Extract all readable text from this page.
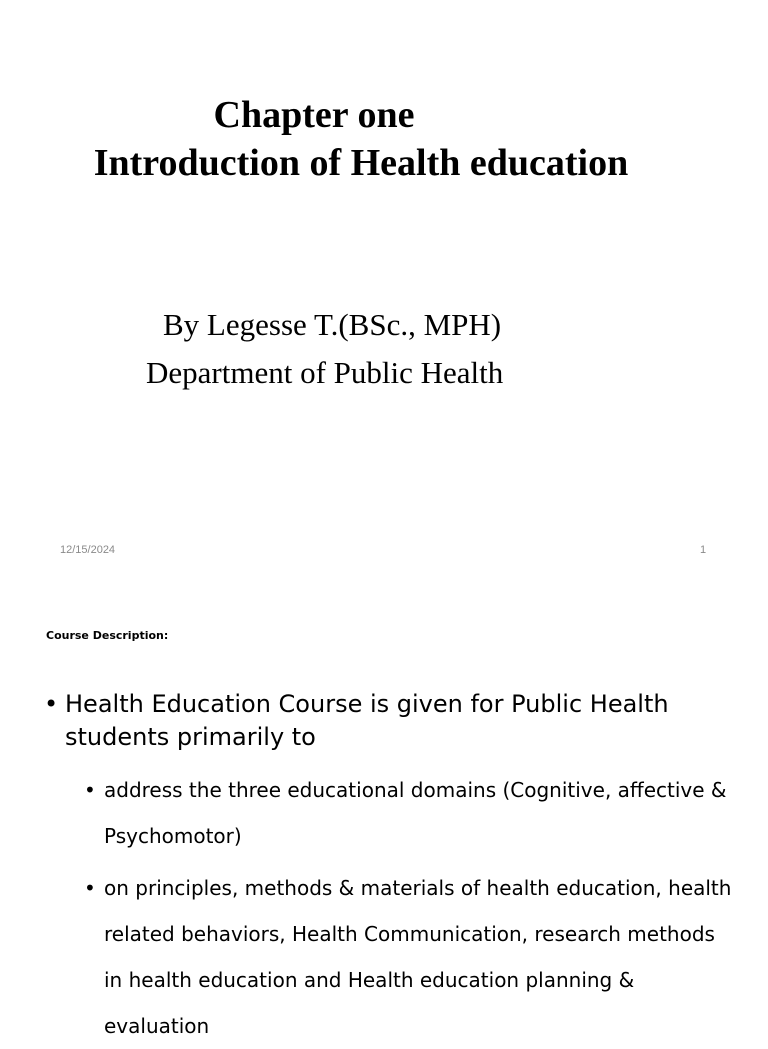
Chapter one
Introduction of Health education
By Legesse T.(BSc., MPH)
Department of Public Health
12/15/2024	1
Course Description:
• Health Education Course is given for Public Health students primarily to
• address the three educational domains (Cognitive, affective & Psychomotor)
• on principles, methods & materials of health education, health related behaviors, Health Communication, research methods in health education and Health education planning & evaluation
